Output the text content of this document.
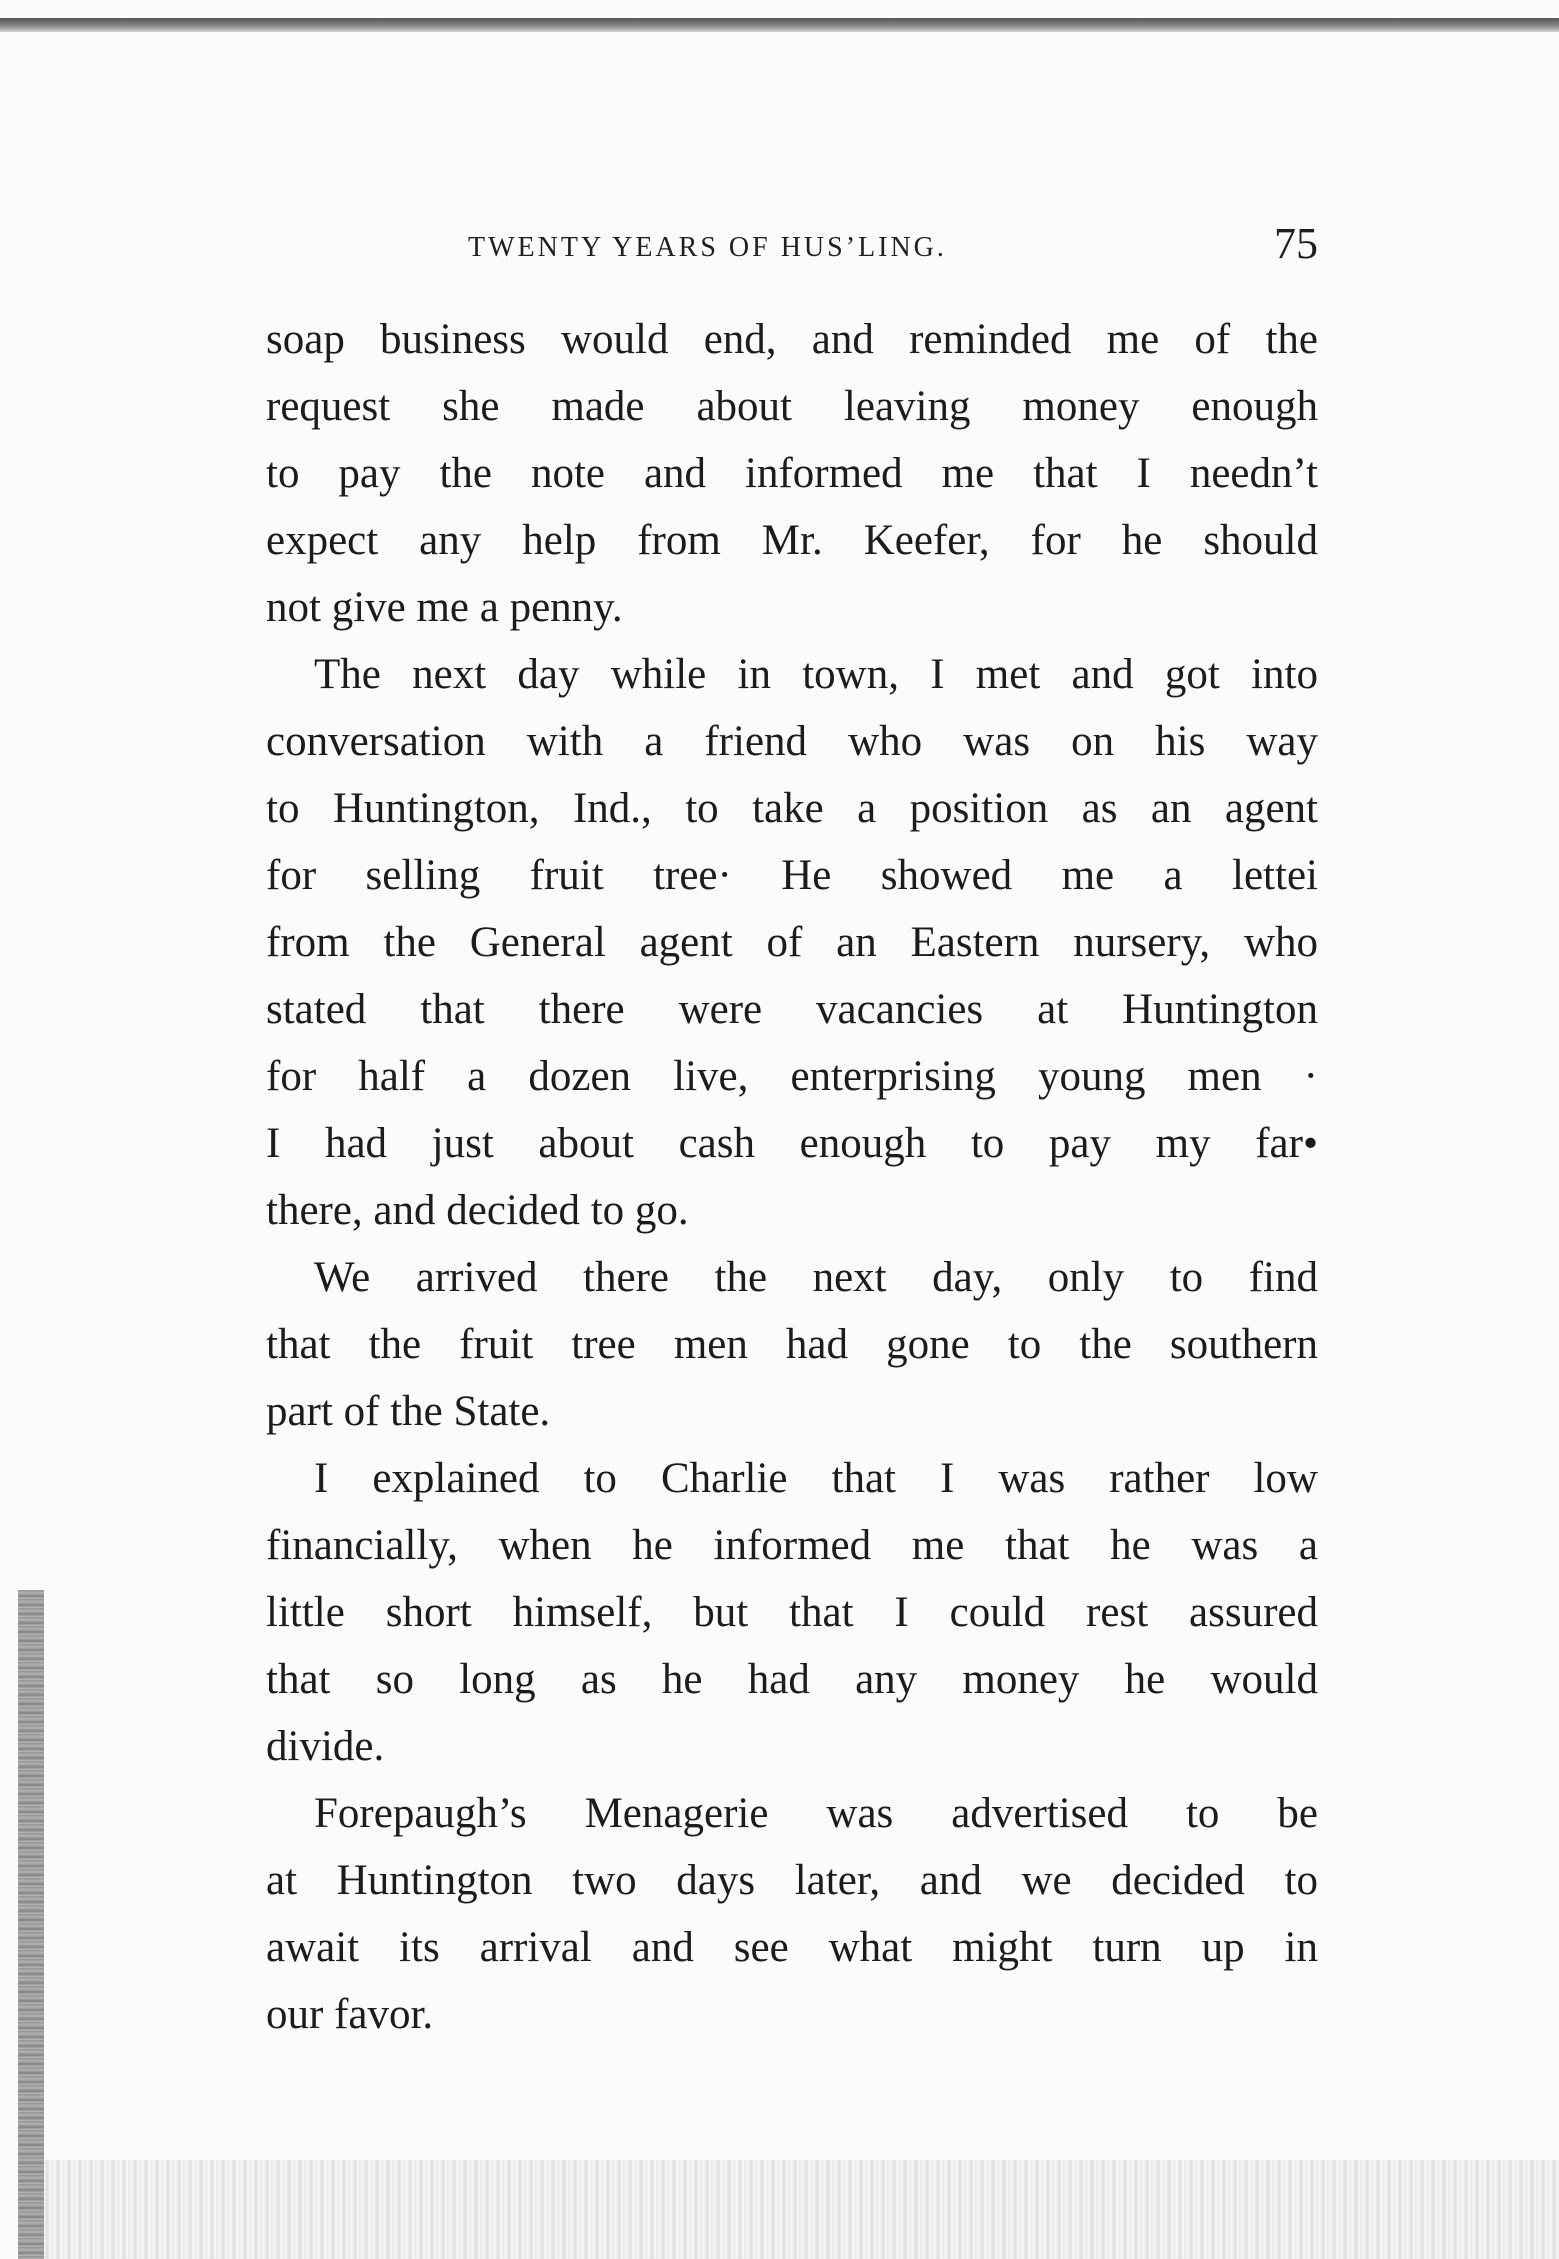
TWENTY YEARS OF HUS’LING.	75

soap business would end, and reminded me of the
request she made about leaving money enough
to pay the note and informed me that I needn’t
expect any help from Mr. Keefer, for he should
not give me a penny.

The next day while in town, I met and got into
conversation with a friend who was on his way
to Huntington, Ind., to take a position as an agent
for selling fruit tree· He showed me a lettei
from the General agent of an Eastern nursery, who
stated that there were vacancies at Huntington
for half a dozen live, enterprising young men ·
I had just about cash enough to pay my far•
there, and decided to go.

We arrived there the next day, only to find
that the fruit tree men had gone to the southern
part of the State.

I explained to Charlie that I was rather low
financially, when he informed me that he was a
little short himself, but that I could rest assured
that so long as he had any money he would
divide.

Forepaugh’s Menagerie was advertised to be
at Huntington two days later, and we decided to
await its arrival and see what might turn up in
our favor.
